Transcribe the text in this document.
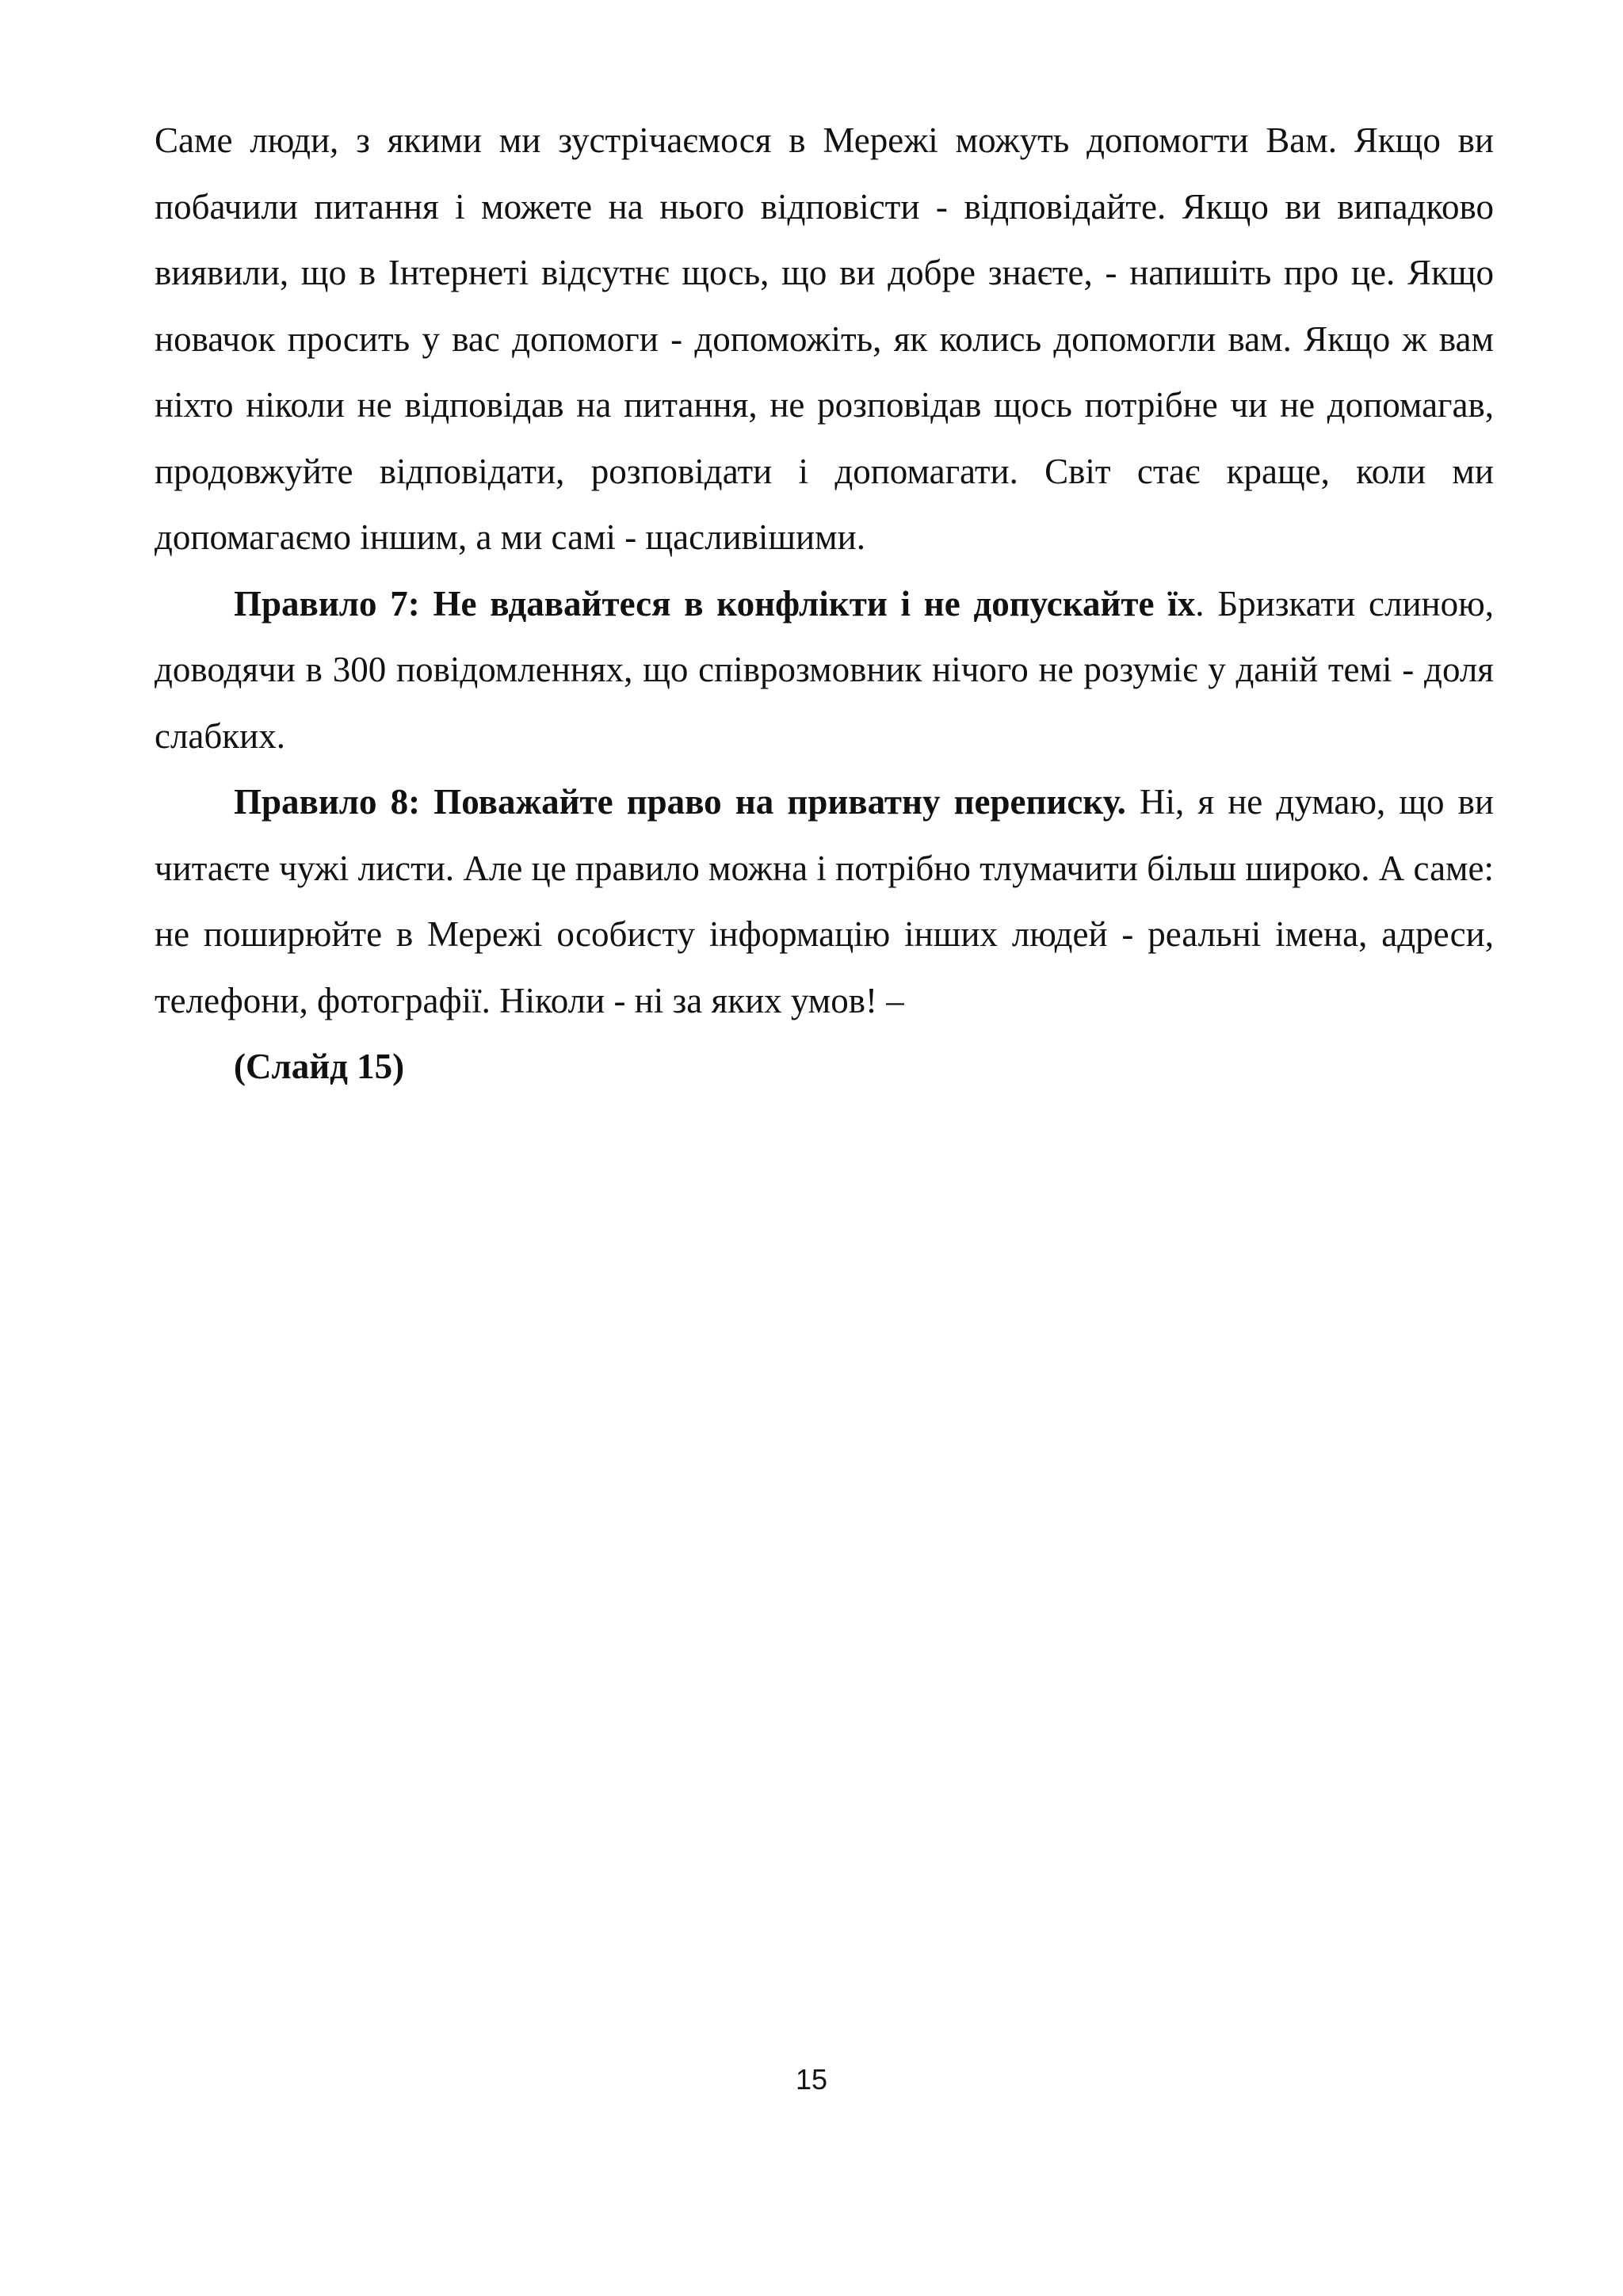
Саме люди, з якими ми зустрічаємося в Мережі можуть допомогти Вам. Якщо ви побачили питання і можете на нього відповісти - відповідайте. Якщо ви випадково виявили, що в Інтернеті відсутнє щось, що ви добре знаєте, - напишіть про це. Якщо новачок просить у вас допомоги - допоможіть, як колись допомогли вам. Якщо ж вам ніхто ніколи не відповідав на питання, не розповідав щось потрібне чи не допомагав, продовжуйте відповідати, розповідати і допомагати. Світ стає краще, коли ми допомагаємо іншим, а ми самі - щасливішими.

Правило 7: Не вдавайтеся в конфлікти і не допускайте їх. Бризкати слиною, доводячи в 300 повідомленнях, що співрозмовник нічого не розуміє у даній темі - доля слабких.

Правило 8: Поважайте право на приватну переписку. Ні, я не думаю, що ви читаєте чужі листи. Але це правило можна і потрібно тлумачити більш широко. А саме: не поширюйте в Мережі особисту інформацію інших людей - реальні імена, адреси, телефони, фотографії. Ніколи - ні за яких умов! –

(Слайд 15)

15
